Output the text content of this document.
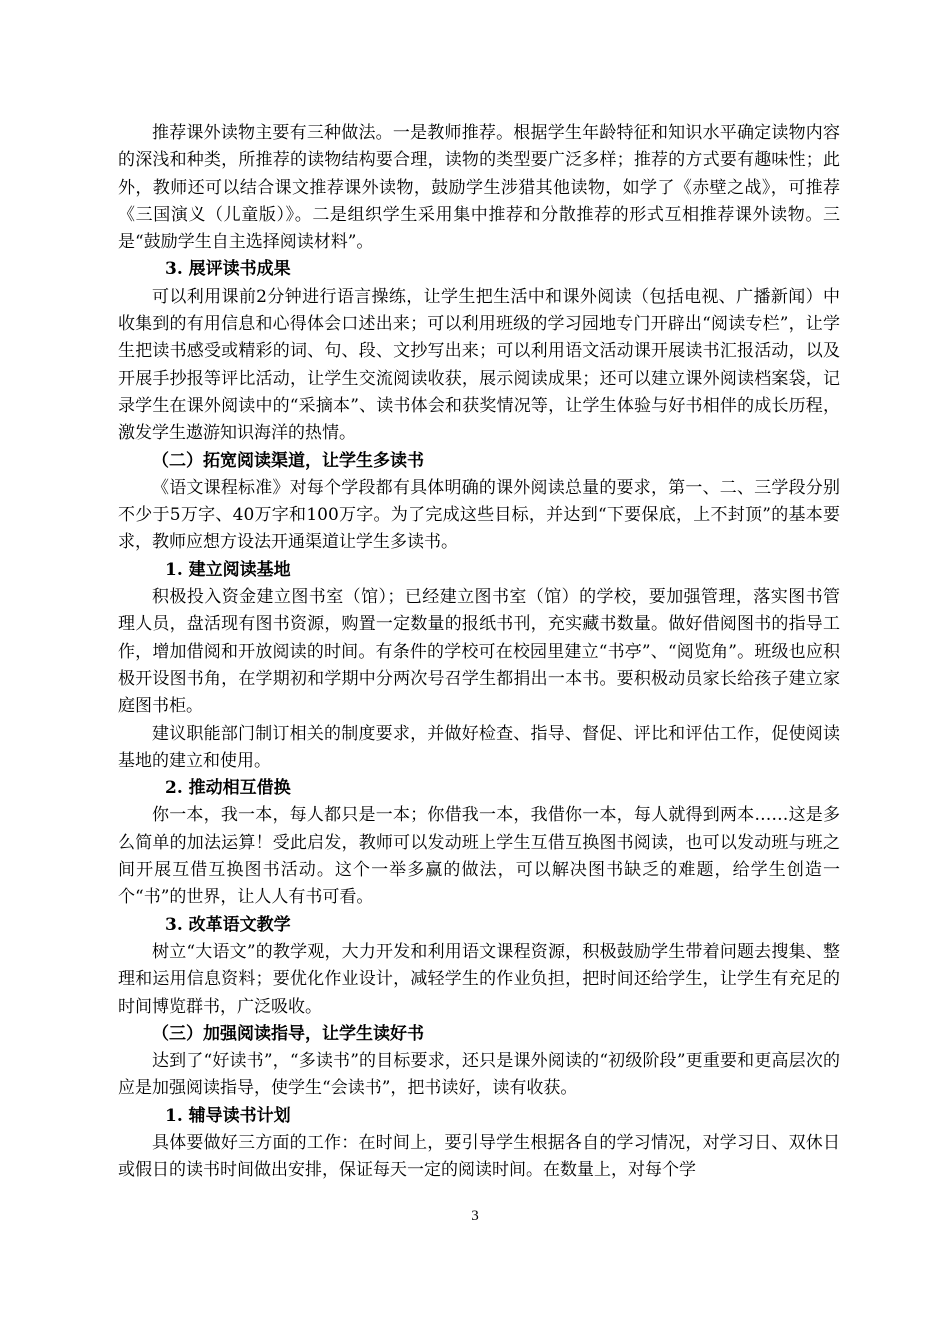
推荐课外读物主要有三种做法。一是教师推荐。根据学生年龄特征和知识水平确定读物内容的深浅和种类，所推荐的读物结构要合理，读物的类型要广泛多样；推荐的方式要有趣味性；此外，教师还可以结合课文推荐课外读物，鼓励学生涉猎其他读物，如学了《赤壁之战》，可推荐《三国演义（儿童版）》。二是组织学生采用集中推荐和分散推荐的形式互相推荐课外读物。三是“鼓励学生自主选择阅读材料”。

3. 展评读书成果

可以利用课前2分钟进行语言操练，让学生把生活中和课外阅读（包括电视、广播新闻）中收集到的有用信息和心得体会口述出来；可以利用班级的学习园地专门开辟出“阅读专栏”，让学生把读书感受或精彩的词、句、段、文抄写出来；可以利用语文活动课开展读书汇报活动，以及开展手抄报等评比活动，让学生交流阅读收获，展示阅读成果；还可以建立课外阅读档案袋，记录学生在课外阅读中的“采摘本”、读书体会和获奖情况等，让学生体验与好书相伴的成长历程，激发学生遨游知识海洋的热情。

（二）拓宽阅读渠道，让学生多读书

《语文课程标准》对每个学段都有具体明确的课外阅读总量的要求，第一、二、三学段分别不少于5万字、40万字和100万字。为了完成这些目标，并达到“下要保底，上不封顶”的基本要求，教师应想方设法开通渠道让学生多读书。

1. 建立阅读基地

积极投入资金建立图书室（馆）；已经建立图书室（馆）的学校，要加强管理，落实图书管理人员，盘活现有图书资源，购置一定数量的报纸书刊，充实藏书数量。做好借阅图书的指导工作，增加借阅和开放阅读的时间。有条件的学校可在校园里建立“书亭”、“阅览角”。班级也应积极开设图书角，在学期初和学期中分两次号召学生都捐出一本书。要积极动员家长给孩子建立家庭图书柜。

建议职能部门制订相关的制度要求，并做好检查、指导、督促、评比和评估工作，促使阅读基地的建立和使用。

2. 推动相互借换

你一本，我一本，每人都只是一本；你借我一本，我借你一本，每人就得到两本……这是多么简单的加法运算！受此启发，教师可以发动班上学生互借互换图书阅读，也可以发动班与班之间开展互借互换图书活动。这个一举多赢的做法，可以解决图书缺乏的难题，给学生创造一个“书”的世界，让人人有书可看。

3. 改革语文教学

树立“大语文”的教学观，大力开发和利用语文课程资源，积极鼓励学生带着问题去搜集、整理和运用信息资料；要优化作业设计，减轻学生的作业负担，把时间还给学生，让学生有充足的时间博览群书，广泛吸收。

（三）加强阅读指导，让学生读好书

达到了“好读书”，“多读书”的目标要求，还只是课外阅读的“初级阶段”更重要和更高层次的应是加强阅读指导，使学生“会读书”，把书读好，读有收获。

1. 辅导读书计划

具体要做好三方面的工作：在时间上，要引导学生根据各自的学习情况，对学习日、双休日或假日的读书时间做出安排，保证每天一定的阅读时间。在数量上，对每个学

3
